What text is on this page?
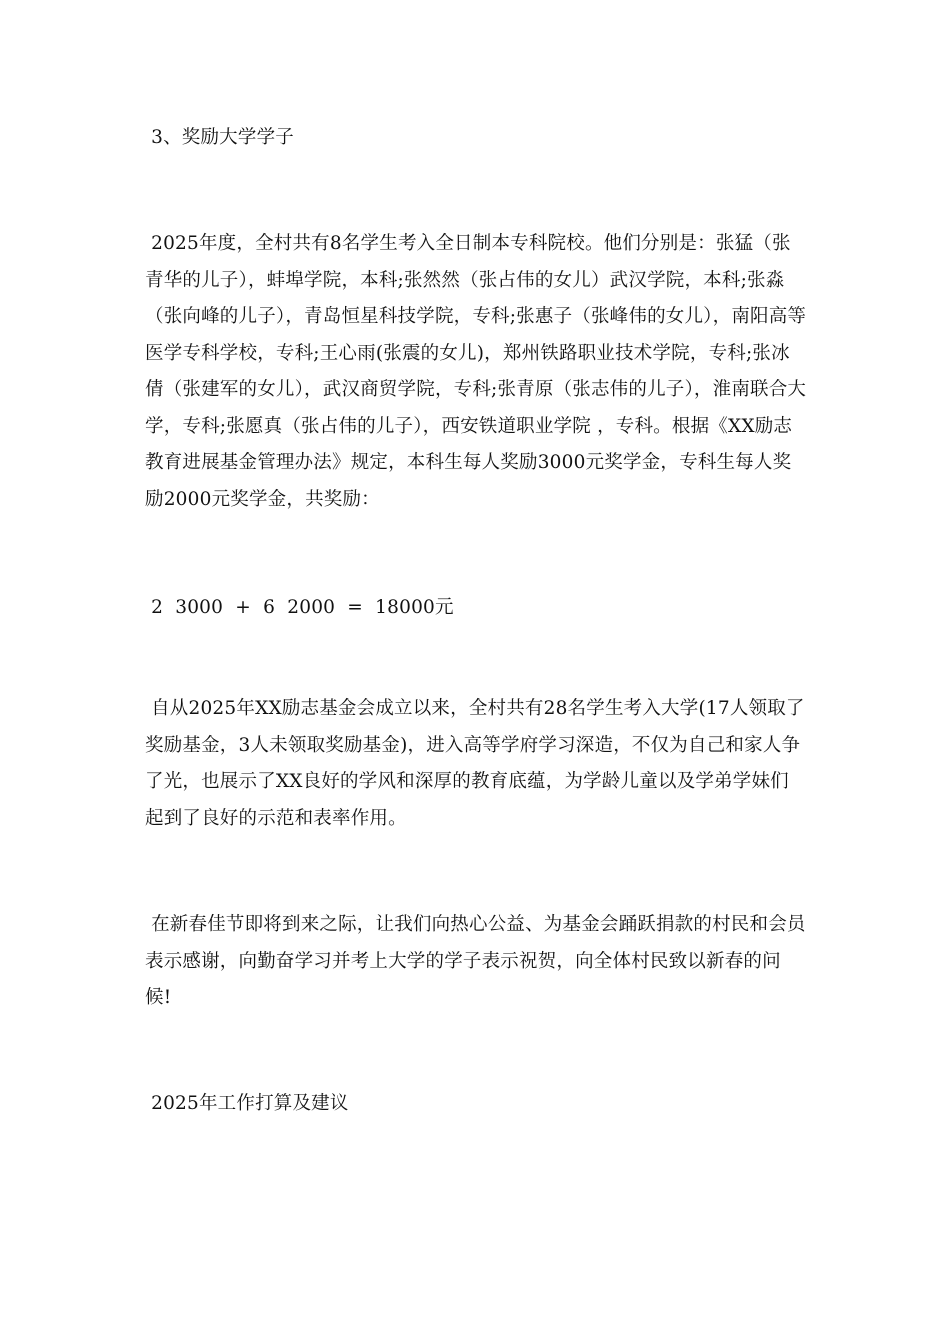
3、奖励大学学子

2025年度，全村共有8名学生考入全日制本专科院校。他们分别是：张猛（张青华的儿子），蚌埠学院，本科;张然然（张占伟的女儿）武汉学院，本科;张淼（张向峰的儿子），青岛恒星科技学院，专科;张惠子（张峰伟的女儿），南阳高等医学专科学校，专科;王心雨(张震的女儿)，郑州铁路职业技术学院，专科;张冰倩（张建军的女儿），武汉商贸学院，专科;张青原（张志伟的儿子），淮南联合大学，专科;张愿真（张占伟的儿子），西安铁道职业学院 ，专科。根据《XX励志教育进展基金管理办法》规定，本科生每人奖励3000元奖学金，专科生每人奖励2000元奖学金，共奖励：

2  3000  +  6  2000  =  18000元

自从2025年XX励志基金会成立以来，全村共有28名学生考入大学(17人领取了奖励基金，3人未领取奖励基金)，进入高等学府学习深造，不仅为自己和家人争了光，也展示了XX良好的学风和深厚的教育底蕴，为学龄儿童以及学弟学妹们起到了良好的示范和表率作用。

在新春佳节即将到来之际，让我们向热心公益、为基金会踊跃捐款的村民和会员表示感谢，向勤奋学习并考上大学的学子表示祝贺，向全体村民致以新春的问候!

2025年工作打算及建议
